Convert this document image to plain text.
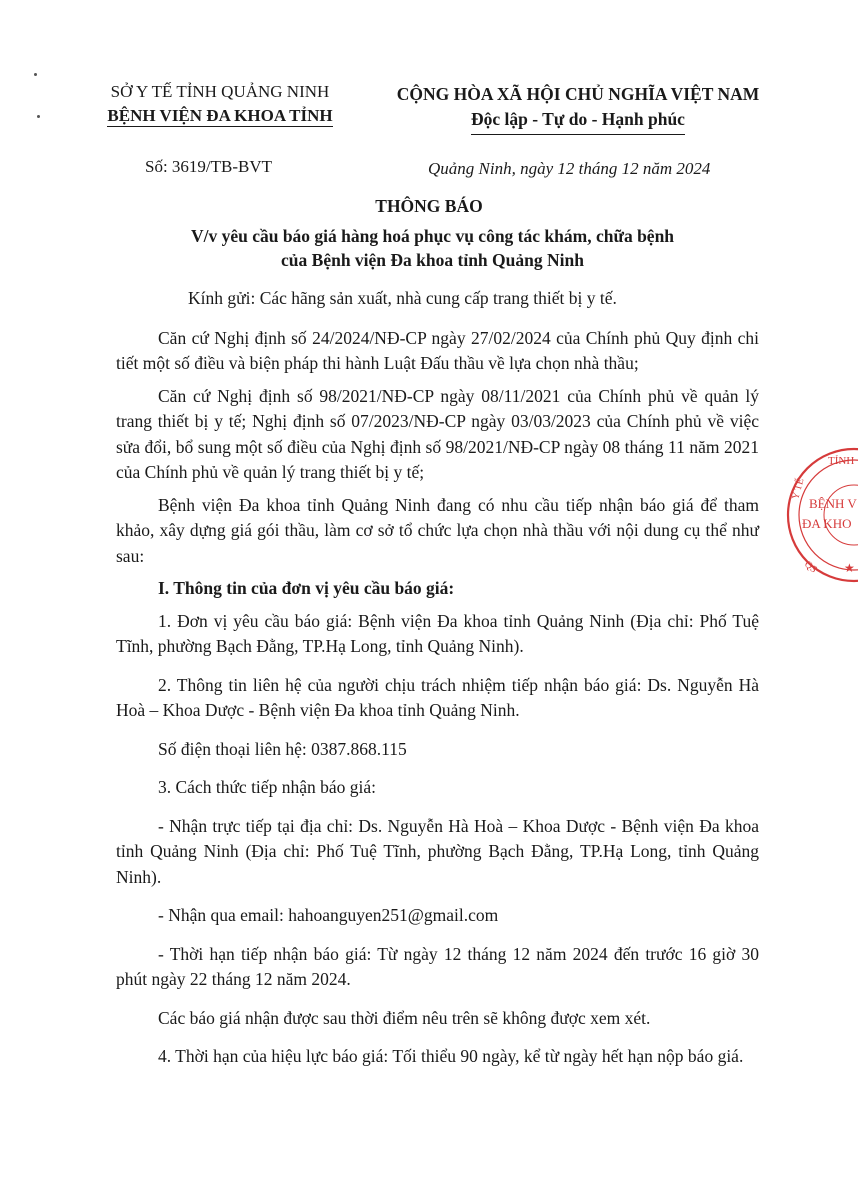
SỞ Y TẾ TỈNH QUẢNG NINH
BỆNH VIỆN ĐA KHOA TỈNH
CỘNG HÒA XÃ HỘI CHỦ NGHĨA VIỆT NAM
Độc lập - Tự do - Hạnh phúc
Số: 3619/TB-BVT	Quảng Ninh, ngày 12 tháng 12 năm 2024
THÔNG BÁO
V/v yêu cầu báo giá hàng hoá phục vụ công tác khám, chữa bệnh
của Bệnh viện Đa khoa tỉnh Quảng Ninh

Kính gửi: Các hãng sản xuất, nhà cung cấp trang thiết bị y tế.

Căn cứ Nghị định số 24/2024/NĐ-CP ngày 27/02/2024 của Chính phủ Quy định chi tiết một số điều và biện pháp thi hành Luật Đấu thầu về lựa chọn nhà thầu;

Căn cứ Nghị định số 98/2021/NĐ-CP ngày 08/11/2021 của Chính phủ về quản lý trang thiết bị y tế; Nghị định số 07/2023/NĐ-CP ngày 03/03/2023 của Chính phủ về việc sửa đổi, bổ sung một số điều của Nghị định số 98/2021/NĐ-CP ngày 08 tháng 11 năm 2021 của Chính phủ về quản lý trang thiết bị y tế;

Bệnh viện Đa khoa tỉnh Quảng Ninh đang có nhu cầu tiếp nhận báo giá để tham khảo, xây dựng giá gói thầu, làm cơ sở tổ chức lựa chọn nhà thầu với nội dung cụ thể như sau:

I. Thông tin của đơn vị yêu cầu báo giá:

1. Đơn vị yêu cầu báo giá: Bệnh viện Đa khoa tỉnh Quảng Ninh (Địa chỉ: Phố Tuệ Tĩnh, phường Bạch Đằng, TP.Hạ Long, tỉnh Quảng Ninh).

2. Thông tin liên hệ của người chịu trách nhiệm tiếp nhận báo giá: Ds. Nguyễn Hà Hoà – Khoa Dược - Bệnh viện Đa khoa tỉnh Quảng Ninh.

Số điện thoại liên hệ: 0387.868.115

3. Cách thức tiếp nhận báo giá:

- Nhận trực tiếp tại địa chỉ: Ds. Nguyễn Hà Hoà – Khoa Dược - Bệnh viện Đa khoa tỉnh Quảng Ninh (Địa chỉ: Phố Tuệ Tĩnh, phường Bạch Đằng, TP.Hạ Long, tỉnh Quảng Ninh).

- Nhận qua email: hahoanguyen251@gmail.com

- Thời hạn tiếp nhận báo giá: Từ ngày 12 tháng 12 năm 2024 đến trước 16 giờ 30 phút ngày 22 tháng 12 năm 2024.

Các báo giá nhận được sau thời điểm nêu trên sẽ không được xem xét.

4. Thời hạn của hiệu lực báo giá: Tối thiểu 90 ngày, kể từ ngày hết hạn nộp báo giá.

TỈNH
BỆNH V
ĐA KHO
Y TẾ
QS ★
